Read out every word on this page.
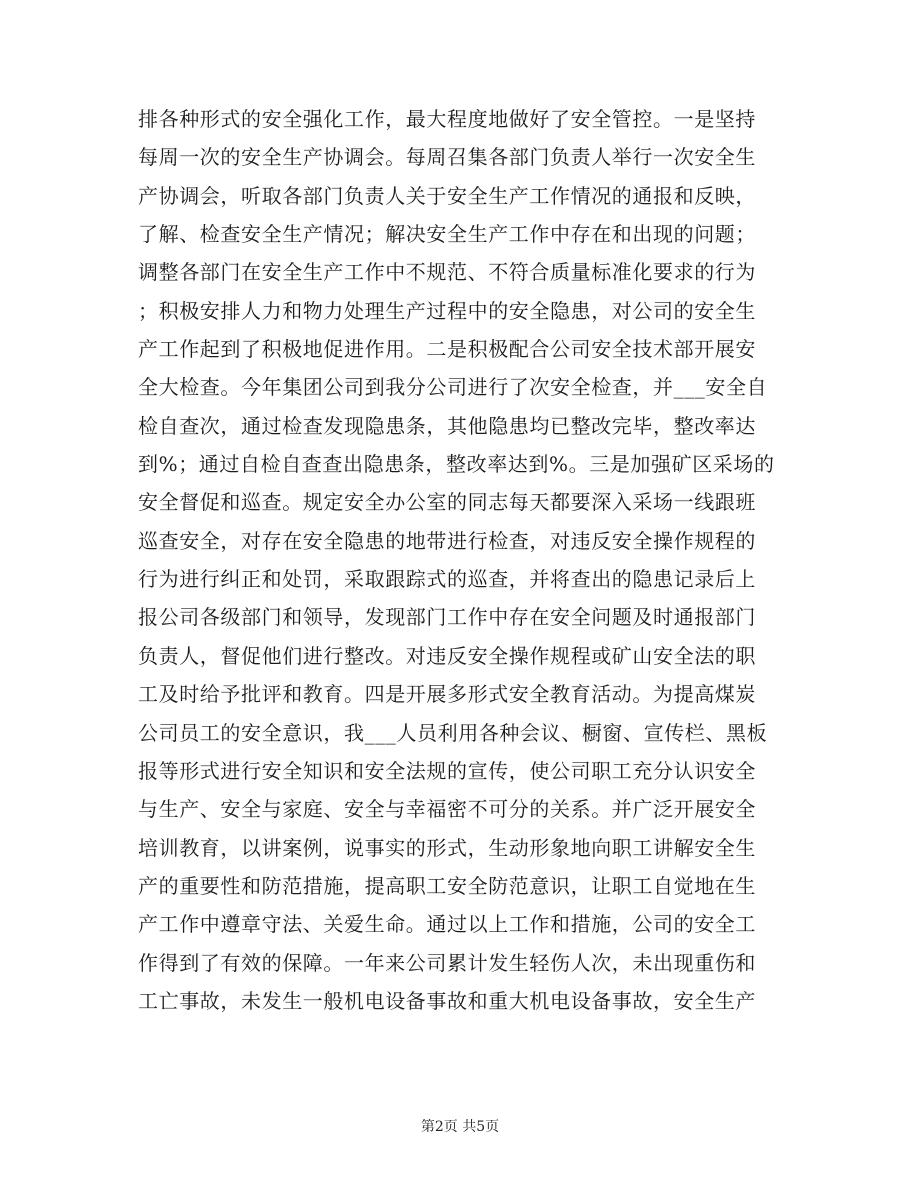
排各种形式的安全强化工作，最大程度地做好了安全管控。一是坚持
每周一次的安全生产协调会。每周召集各部门负责人举行一次安全生
产协调会，听取各部门负责人关于安全生产工作情况的通报和反映，
了解、检查安全生产情况；解决安全生产工作中存在和出现的问题；
调整各部门在安全生产工作中不规范、不符合质量标准化要求的行为
；积极安排人力和物力处理生产过程中的安全隐患，对公司的安全生
产工作起到了积极地促进作用。二是积极配合公司安全技术部开展安
全大检查。今年集团公司到我分公司进行了次安全检查，并___安全自
检自查次，通过检查发现隐患条，其他隐患均已整改完毕，整改率达
到%；通过自检自查查出隐患条，整改率达到%。三是加强矿区采场的
安全督促和巡查。规定安全办公室的同志每天都要深入采场一线跟班
巡查安全，对存在安全隐患的地带进行检查，对违反安全操作规程的
行为进行纠正和处罚，采取跟踪式的巡查，并将查出的隐患记录后上
报公司各级部门和领导，发现部门工作中存在安全问题及时通报部门
负责人，督促他们进行整改。对违反安全操作规程或矿山安全法的职
工及时给予批评和教育。四是开展多形式安全教育活动。为提高煤炭
公司员工的安全意识，我___人员利用各种会议、橱窗、宣传栏、黑板
报等形式进行安全知识和安全法规的宣传，使公司职工充分认识安全
与生产、安全与家庭、安全与幸福密不可分的关系。并广泛开展安全
培训教育，以讲案例，说事实的形式，生动形象地向职工讲解安全生
产的重要性和防范措施，提高职工安全防范意识，让职工自觉地在生
产工作中遵章守法、关爱生命。通过以上工作和措施，公司的安全工
作得到了有效的保障。一年来公司累计发生轻伤人次，未出现重伤和
工亡事故，未发生一般机电设备事故和重大机电设备事故，安全生产
第2页 共5页
